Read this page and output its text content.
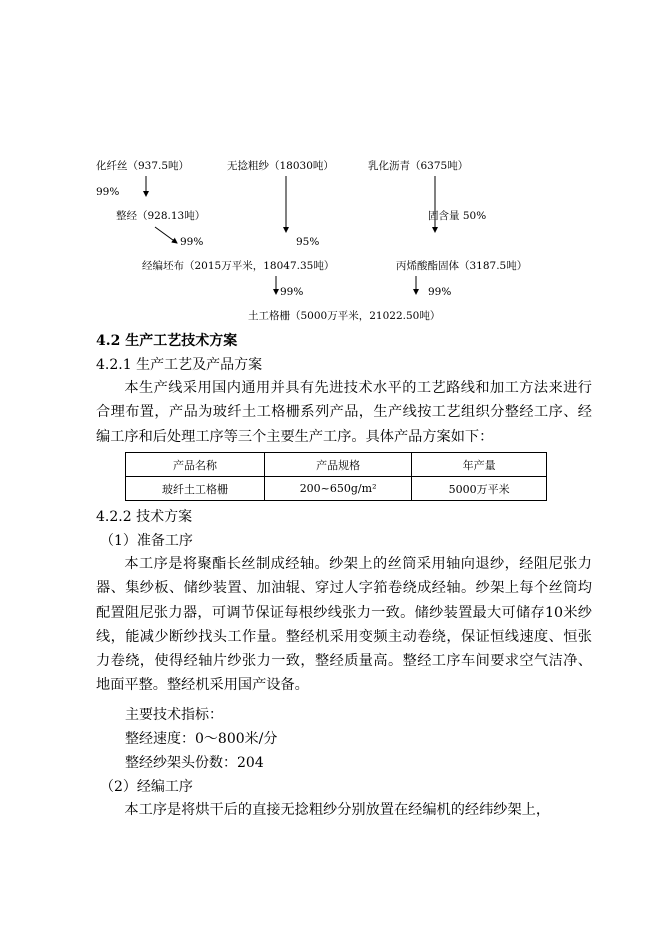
化纤丝（937.5吨）	无捻粗纱（18030吨）	乳化沥青（6375吨）
99%
整经（928.13吨）	固含量 50%
99%	95%
经编坯布（2015万平米，18047.35吨）	丙烯酸酯固体（3187.5吨）
99%	99%
土工格栅（5000万平米，21022.50吨）
4.2 生产工艺技术方案
4.2.1 生产工艺及产品方案

本生产线采用国内通用并具有先进技术水平的工艺路线和加工方法来进行合理布置，产品为玻纤土工格栅系列产品，生产线按工艺组织分整经工序、经编工序和后处理工序等三个主要生产工序。具体产品方案如下：

产品名称	产品规格	年产量
玻纤土工格栅	200~650g/m²	5000万平米
4.2.2 技术方案
（1）准备工序

本工序是将聚酯长丝制成经轴。纱架上的丝筒采用轴向退纱，经阻尼张力器、集纱板、储纱装置、加油辊、穿过人字筘卷绕成经轴。纱架上每个丝筒均配置阻尼张力器，可调节保证每根纱线张力一致。储纱装置最大可储存10米纱线，能减少断纱找头工作量。整经机采用变频主动卷绕，保证恒线速度、恒张力卷绕，使得经轴片纱张力一致，整经质量高。整经工序车间要求空气洁净、地面平整。整经机采用国产设备。

主要技术指标：
整经速度：0～800米/分
整经纱架头份数：204
（2）经编工序

本工序是将烘干后的直接无捻粗纱分别放置在经编机的经纬纱架上，
